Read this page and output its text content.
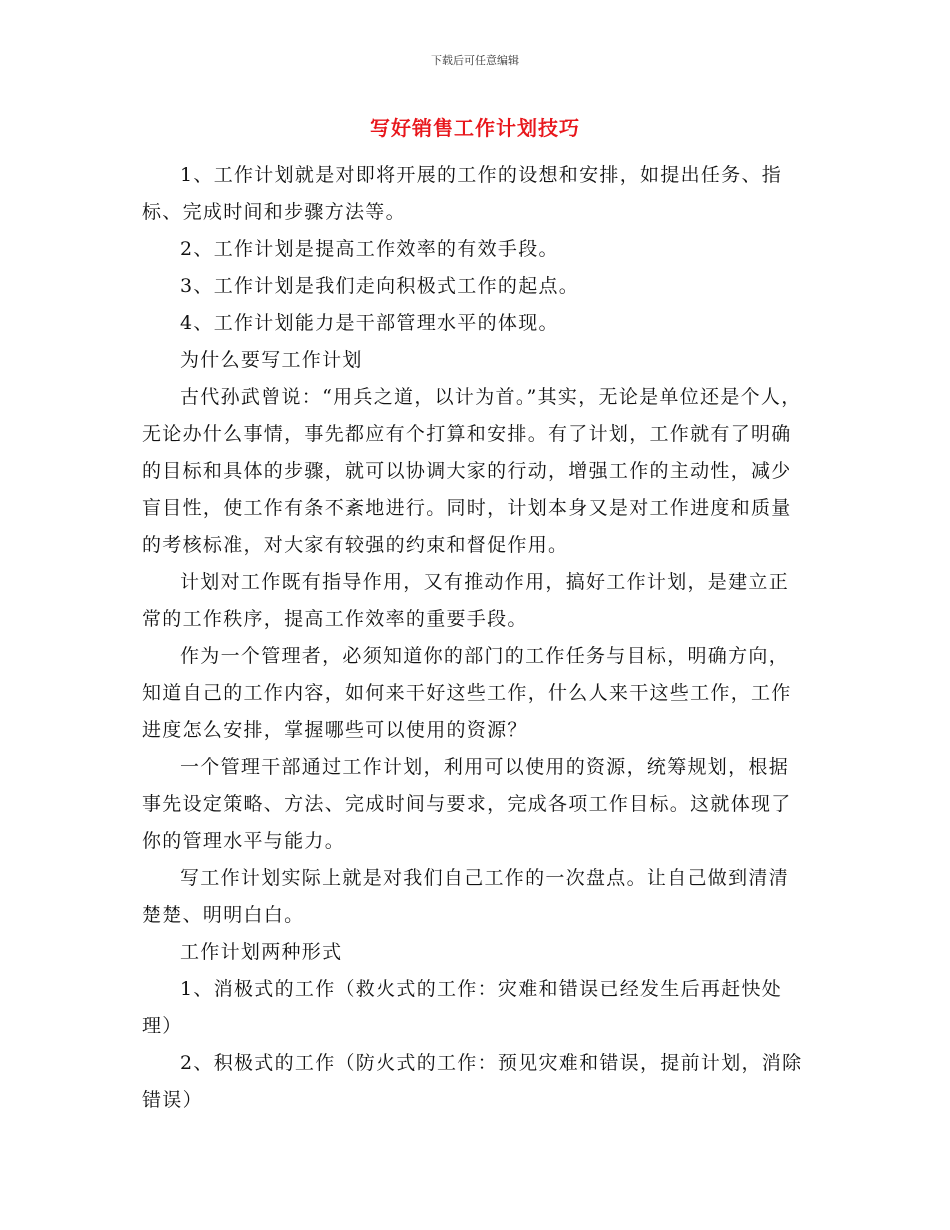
下载后可任意编辑
写好销售工作计划技巧

1、工作计划就是对即将开展的工作的设想和安排，如提出任务、指标、完成时间和步骤方法等。

2、工作计划是提高工作效率的有效手段。

3、工作计划是我们走向积极式工作的起点。

4、工作计划能力是干部管理水平的体现。

为什么要写工作计划

古代孙武曾说：“用兵之道，以计为首。”其实，无论是单位还是个人，无论办什么事情，事先都应有个打算和安排。有了计划，工作就有了明确的目标和具体的步骤，就可以协调大家的行动，增强工作的主动性，减少盲目性，使工作有条不紊地进行。同时，计划本身又是对工作进度和质量的考核标准，对大家有较强的约束和督促作用。

计划对工作既有指导作用，又有推动作用，搞好工作计划，是建立正常的工作秩序，提高工作效率的重要手段。

作为一个管理者，必须知道你的部门的工作任务与目标，明确方向，知道自己的工作内容，如何来干好这些工作，什么人来干这些工作，工作进度怎么安排，掌握哪些可以使用的资源？

一个管理干部通过工作计划，利用可以使用的资源，统筹规划，根据事先设定策略、方法、完成时间与要求，完成各项工作目标。这就体现了你的管理水平与能力。

写工作计划实际上就是对我们自己工作的一次盘点。让自己做到清清楚楚、明明白白。

工作计划两种形式

1、消极式的工作（救火式的工作：灾难和错误已经发生后再赶快处理）

2、积极式的工作（防火式的工作：预见灾难和错误，提前计划，消除错误）
